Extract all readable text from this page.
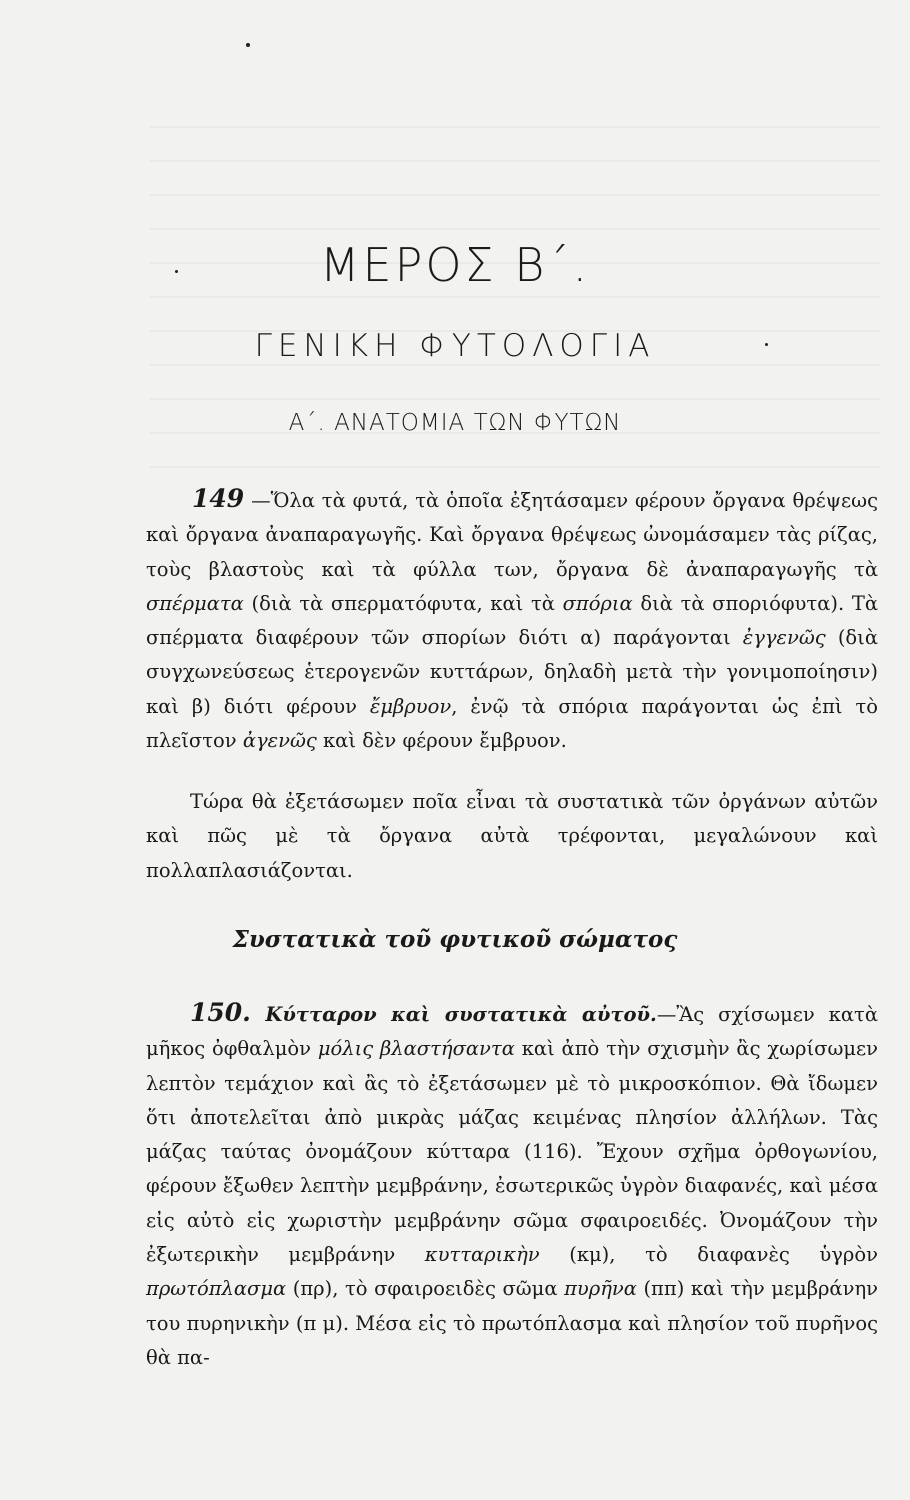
ΜΕΡΟΣ Β΄.
ΓΕΝΙΚΗ ΦΥΤΟΛΟΓΙΑ
Α΄. ΑΝΑΤΟΜΙΑ ΤΩΝ ΦΥΤΩΝ

149 —Ὅλα τὰ φυτά, τὰ ὁποῖα ἐξητάσαμεν φέρουν ὄργανα θρέψεως καὶ ὄργανα ἀναπαραγωγῆς. Καὶ ὄργανα θρέψεως ὠνομάσαμεν τὰς ρίζας, τοὺς βλαστοὺς καὶ τὰ φύλλα των, ὄργανα δὲ ἀναπαραγωγῆς τὰ σπέρματα (διὰ τὰ σπερματόφυτα, καὶ τὰ σπόρια διὰ τὰ σποριόφυτα). Τὰ σπέρματα διαφέρουν τῶν σπορίων διότι α) παράγονται ἐγγενῶς (διὰ συγχωνεύσεως ἑτερογενῶν κυττάρων, δηλαδὴ μετὰ τὴν γονιμοποίησιν) καὶ β) διότι φέρουν ἔμβρυον, ἐνῷ τὰ σπόρια παράγονται ὡς ἐπὶ τὸ πλεῖστον ἀγενῶς καὶ δὲν φέρουν ἔμβρυον.

Τώρα θὰ ἐξετάσωμεν ποῖα εἶναι τὰ συστατικὰ τῶν ὀργάνων αὐτῶν καὶ πῶς μὲ τὰ ὄργανα αὐτὰ τρέφονται, μεγαλώνουν καὶ πολλαπλασιάζονται.

Συστατικὰ τοῦ φυτικοῦ σώματος

150. Κύτταρον καὶ συστατικὰ αὐτοῦ.—Ἂς σχίσωμεν κατὰ μῆκος ὀφθαλμὸν μόλις βλαστήσαντα καὶ ἀπὸ τὴν σχισμὴν ἂς χωρίσωμεν λεπτὸν τεμάχιον καὶ ἂς τὸ ἐξετάσωμεν μὲ τὸ μικροσκόπιον. Θὰ ἴδωμεν ὅτι ἀποτελεῖται ἀπὸ μικρὰς μάζας κειμένας πλησίον ἀλλήλων. Τὰς μάζας ταύτας ὀνομάζουν κύτταρα (116). Ἔχουν σχῆμα ὀρθογωνίου, φέρουν ἔξωθεν λεπτὴν μεμβράνην, ἐσωτερικῶς ὑγρὸν διαφανές, καὶ μέσα εἰς αὐτὸ εἰς χωριστὴν μεμβράνην σῶμα σφαιροειδές. Ὀνομάζουν τὴν ἐξωτερικὴν μεμβράνην κυτταρικὴν (κμ), τὸ διαφανὲς ὑγρὸν πρωτόπλασμα (πρ), τὸ σφαιροειδὲς σῶμα πυρῆνα (ππ) καὶ τὴν μεμβράνην του πυρηνικὴν (π μ). Μέσα εἰς τὸ πρωτόπλασμα καὶ πλησίον τοῦ πυρῆνος θὰ πα-
